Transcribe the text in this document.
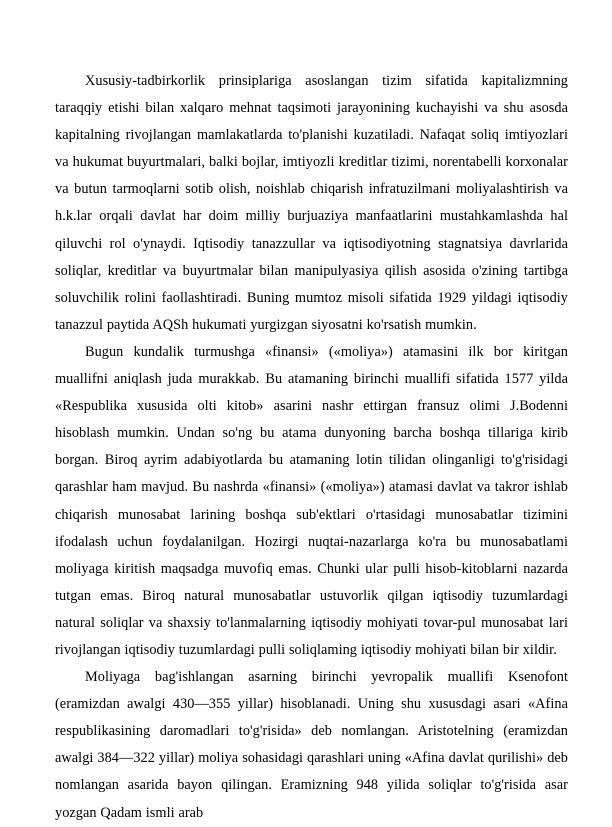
Xususiy-tadbirkorlik prinsiplariga asoslangan tizim sifatida kapitalizmning taraqqiy etishi bilan xalqaro mehnat taqsimoti jarayonining kuchayishi va shu asosda kapitalning rivojlangan mamlakatlarda to'planishi kuzatiladi. Nafaqat soliq imtiyozlari va hukumat buyurtmalari, balki bojlar, imtiyozli kreditlar tizimi, norentabelli korxonalar va butun tarmoqlarni sotib olish, noishlab chiqarish infratuzilmani moliyalashtirish va h.k.lar orqali davlat har doim milliy burjuaziya manfaatlarini mustahkamlashda hal qiluvchi rol o'ynaydi. Iqtisodiy tanazzullar va iqtisodiyotning stagnatsiya davrlarida soliqlar, kreditlar va buyurtmalar bilan manipulyasiya qilish asosida o'zining tartibga soluvchilik rolini faollashtiradi. Buning mumtoz misoli sifatida 1929 yildagi iqtisodiy tanazzul paytida AQSh hukumati yurgizgan siyosatni ko'rsatish mumkin.

Bugun kundalik turmushga «finansi» («moliya») atamasini ilk bor kiritgan muallifni aniqlash juda murakkab. Bu atamaning birinchi muallifi sifatida 1577 yilda «Respublika xususida olti kitob» asarini nashr ettirgan fransuz olimi J.Bodenni hisoblash mumkin. Undan so'ng bu atama dunyoning barcha boshqa tillariga kirib borgan. Biroq ayrim adabiyotlarda bu atamaning lotin tilidan olinganligi to'g'risidagi qarashlar ham mavjud. Bu nashrda «finansi» («moliya») atamasi davlat va takror ishlab chiqarish munosabat larining boshqa sub'ektlari o'rtasidagi munosabatlar tizimini ifodalash uchun foydalanilgan. Hozirgi nuqtai-nazarlarga ko'ra bu munosabatlami moliyaga kiritish maqsadga muvofiq emas. Chunki ular pulli hisob-kitoblarni nazarda tutgan emas. Biroq natural munosabatlar ustuvorlik qilgan iqtisodiy tuzumlardagi natural soliqlar va shaxsiy to'lanmalarning iqtisodiy mohiyati tovar-pul munosabat lari rivojlangan iqtisodiy tuzumlardagi pulli soliqlaming iqtisodiy mohiyati bilan bir xildir.

Moliyaga bag'ishlangan asarning birinchi yevropalik muallifi Ksenofont (eramizdan awalgi 430—355 yillar) hisoblanadi. Uning shu xususdagi asari «Afina respublikasining daromadlari to'g'risida» deb nomlangan. Aristotelning (eramizdan awalgi 384—322 yillar) moliya sohasidagi qarashlari uning «Afina davlat qurilishi» deb nomlangan asarida bayon qilingan. Eramizning 948 yilida soliqlar to'g'risida asar yozgan Qadam ismli arab
